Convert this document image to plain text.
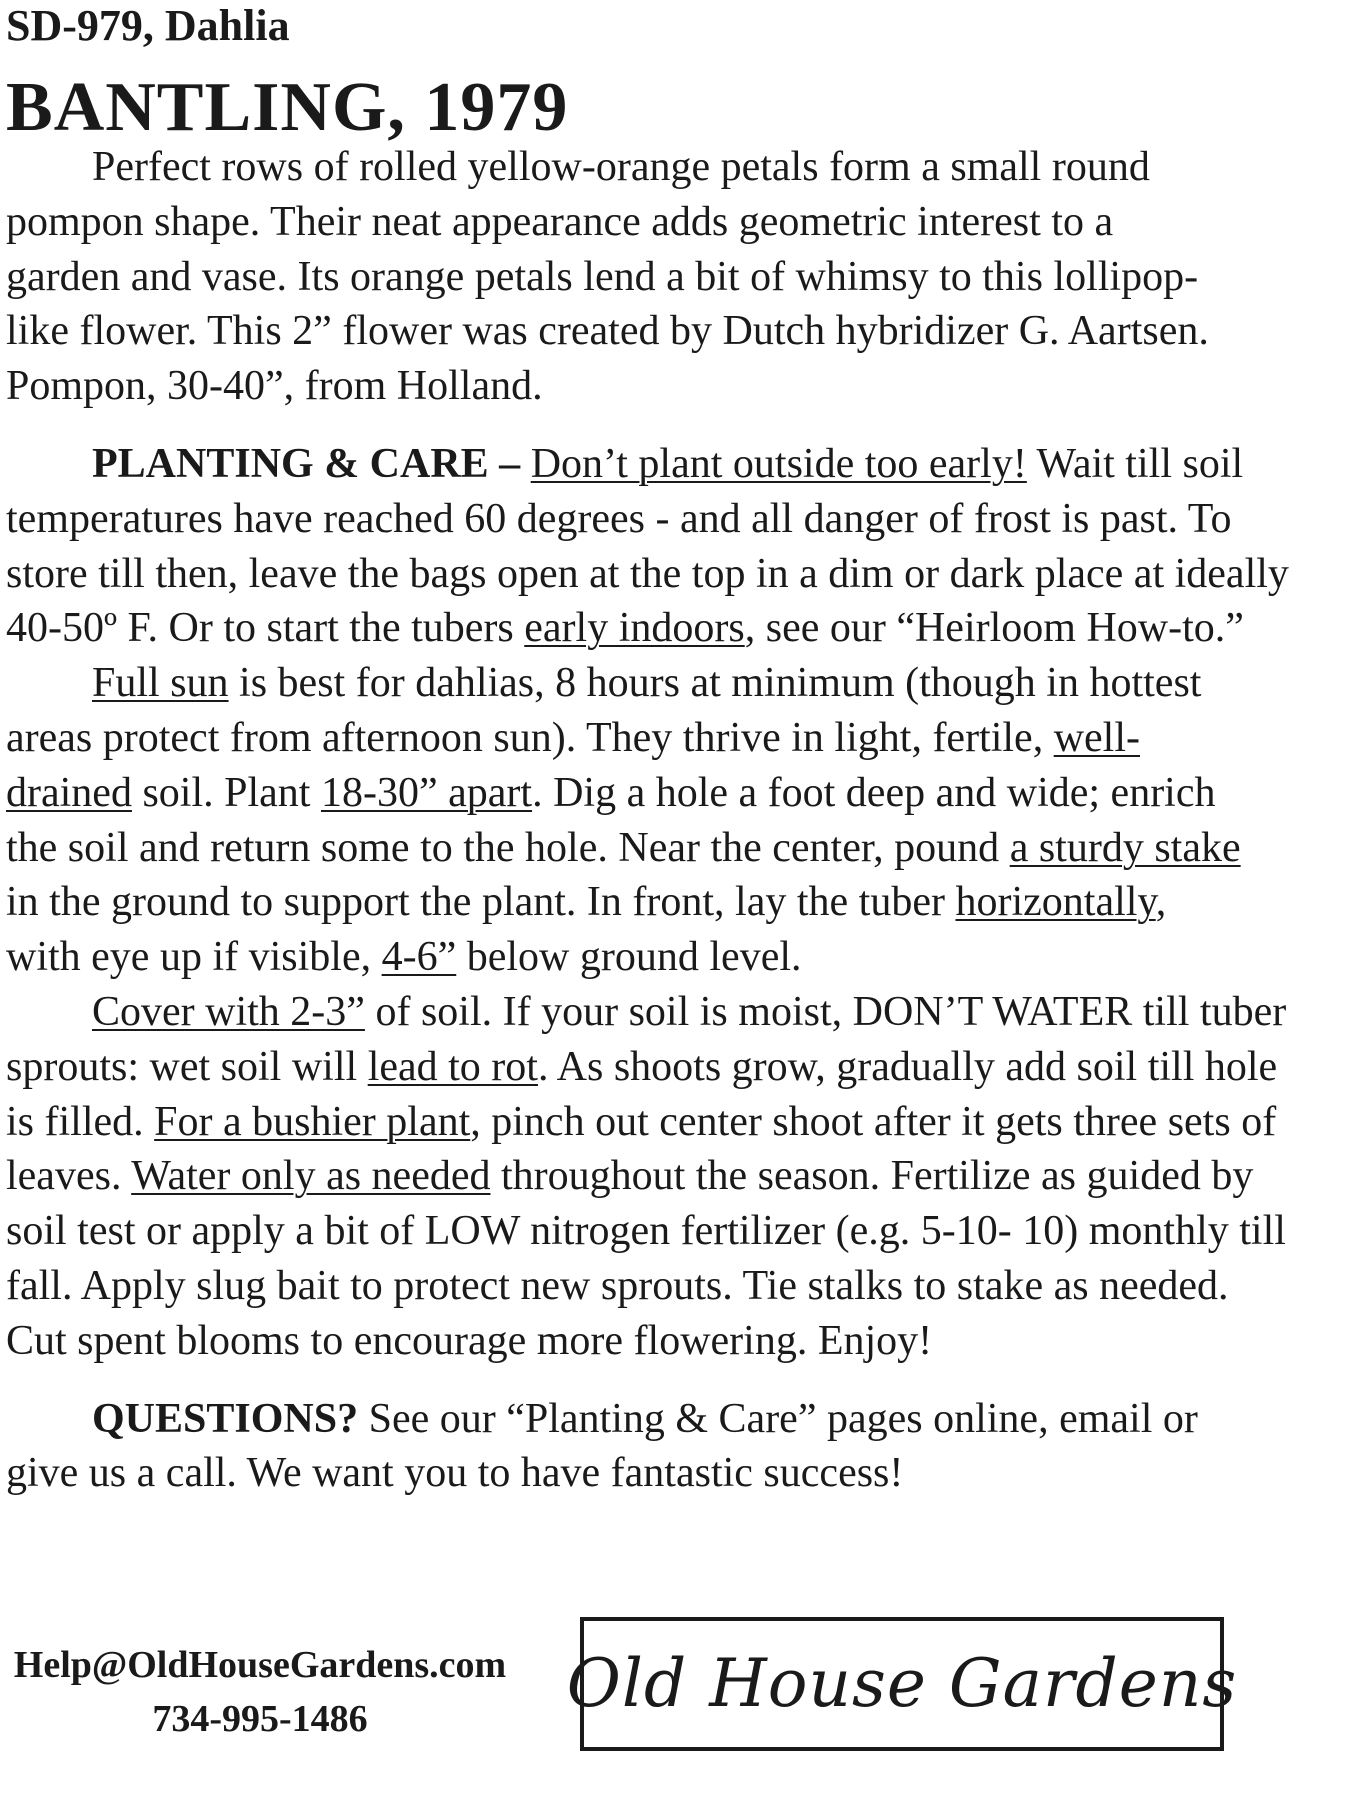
SD-979, Dahlia
BANTLING, 1979
Perfect rows of rolled yellow-orange petals form a small round
pompon shape. Their neat appearance adds geometric interest to a
garden and vase. Its orange petals lend a bit of whimsy to this lollipop-
like flower. This 2” flower was created by Dutch hybridizer G. Aartsen.
Pompon, 30-40”, from Holland.
PLANTING & CARE – Don’t plant outside too early! Wait till soil
temperatures have reached 60 degrees - and all danger of frost is past. To
store till then, leave the bags open at the top in a dim or dark place at ideally
40-50º F. Or to start the tubers early indoors, see our “Heirloom How-to.”
Full sun is best for dahlias, 8 hours at minimum (though in hottest
areas protect from afternoon sun). They thrive in light, fertile, well-
drained soil. Plant 18-30” apart. Dig a hole a foot deep and wide; enrich
the soil and return some to the hole. Near the center, pound a sturdy stake
in the ground to support the plant. In front, lay the tuber horizontally,
with eye up if visible, 4-6” below ground level.
Cover with 2-3” of soil. If your soil is moist, DON’T WATER till tuber
sprouts: wet soil will lead to rot. As shoots grow, gradually add soil till hole
is filled. For a bushier plant, pinch out center shoot after it gets three sets of
leaves. Water only as needed throughout the season. Fertilize as guided by
soil test or apply a bit of LOW nitrogen fertilizer (e.g. 5-10- 10) monthly till
fall. Apply slug bait to protect new sprouts. Tie stalks to stake as needed.
Cut spent blooms to encourage more flowering. Enjoy!
QUESTIONS? See our “Planting & Care” pages online, email or
give us a call. We want you to have fantastic success!
Help@OldHouseGardens.com
734-995-1486	Old House Gardens
